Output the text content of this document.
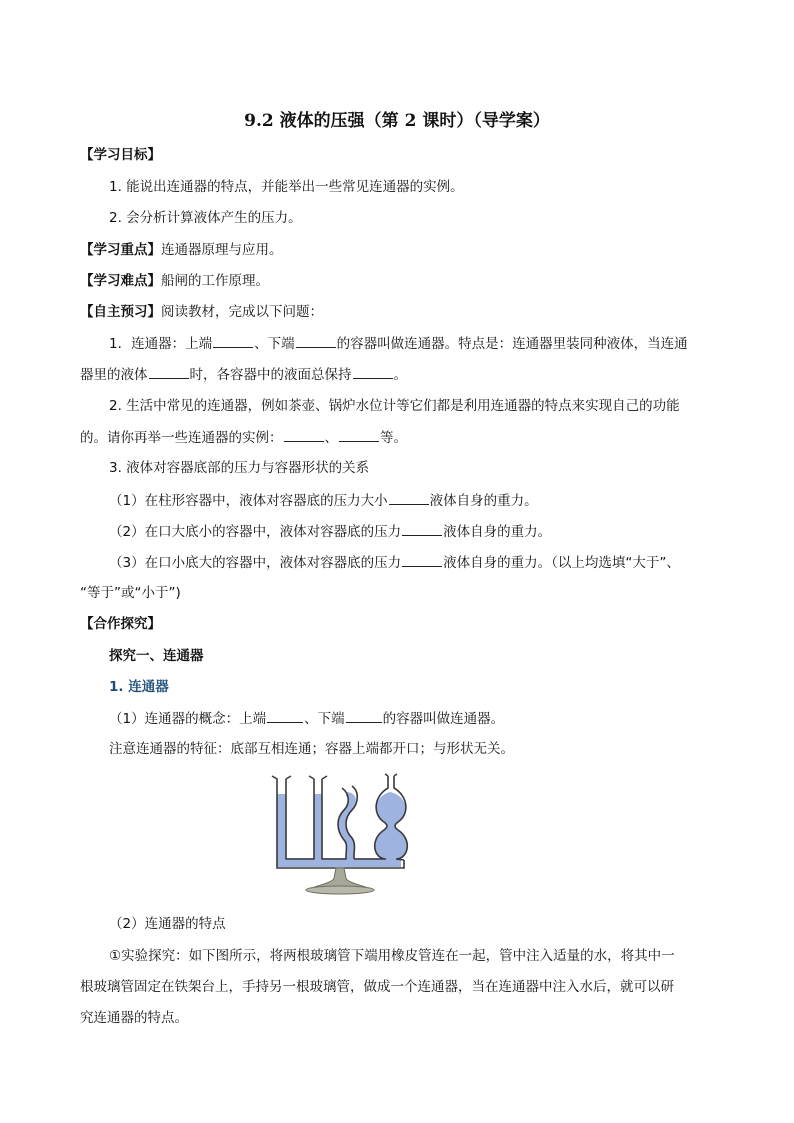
9.2 液体的压强（第 2 课时）（导学案）
【学习目标】
1. 能说出连通器的特点，并能举出一些常见连通器的实例。
2. 会分析计算液体产生的压力。
【学习重点】连通器原理与应用。
【学习难点】船闸的工作原理。
【自主预习】阅读教材，完成以下问题：
1．连通器：上端	、下端	的容器叫做连通器。特点是：连通器里装同种液体，当连通
器里的液体	时，各容器中的液面总保持	。
2. 生活中常见的连通器，例如茶壶、锅炉水位计等它们都是利用连通器的特点来实现自己的功能
的。请你再举一些连通器的实例：	、	等。
3. 液体对容器底部的压力与容器形状的关系
（1）在柱形容器中，液体对容器底的压力大小	液体自身的重力。
（2）在口大底小的容器中，液体对容器底的压力	液体自身的重力。
（3）在口小底大的容器中，液体对容器底的压力	液体自身的重力。（以上均选填“大于”、
“等于”或“小于”)
【合作探究】
探究一、连通器
1. 连通器
（1）连通器的概念：上端	、下端	的容器叫做连通器。
注意连通器的特征：底部互相连通；容器上端都开口；与形状无关。
（2）连通器的特点
①实验探究：如下图所示，将两根玻璃管下端用橡皮管连在一起，管中注入适量的水，将其中一
根玻璃管固定在铁架台上，手持另一根玻璃管，做成一个连通器，当在连通器中注入水后，就可以研
究连通器的特点。
